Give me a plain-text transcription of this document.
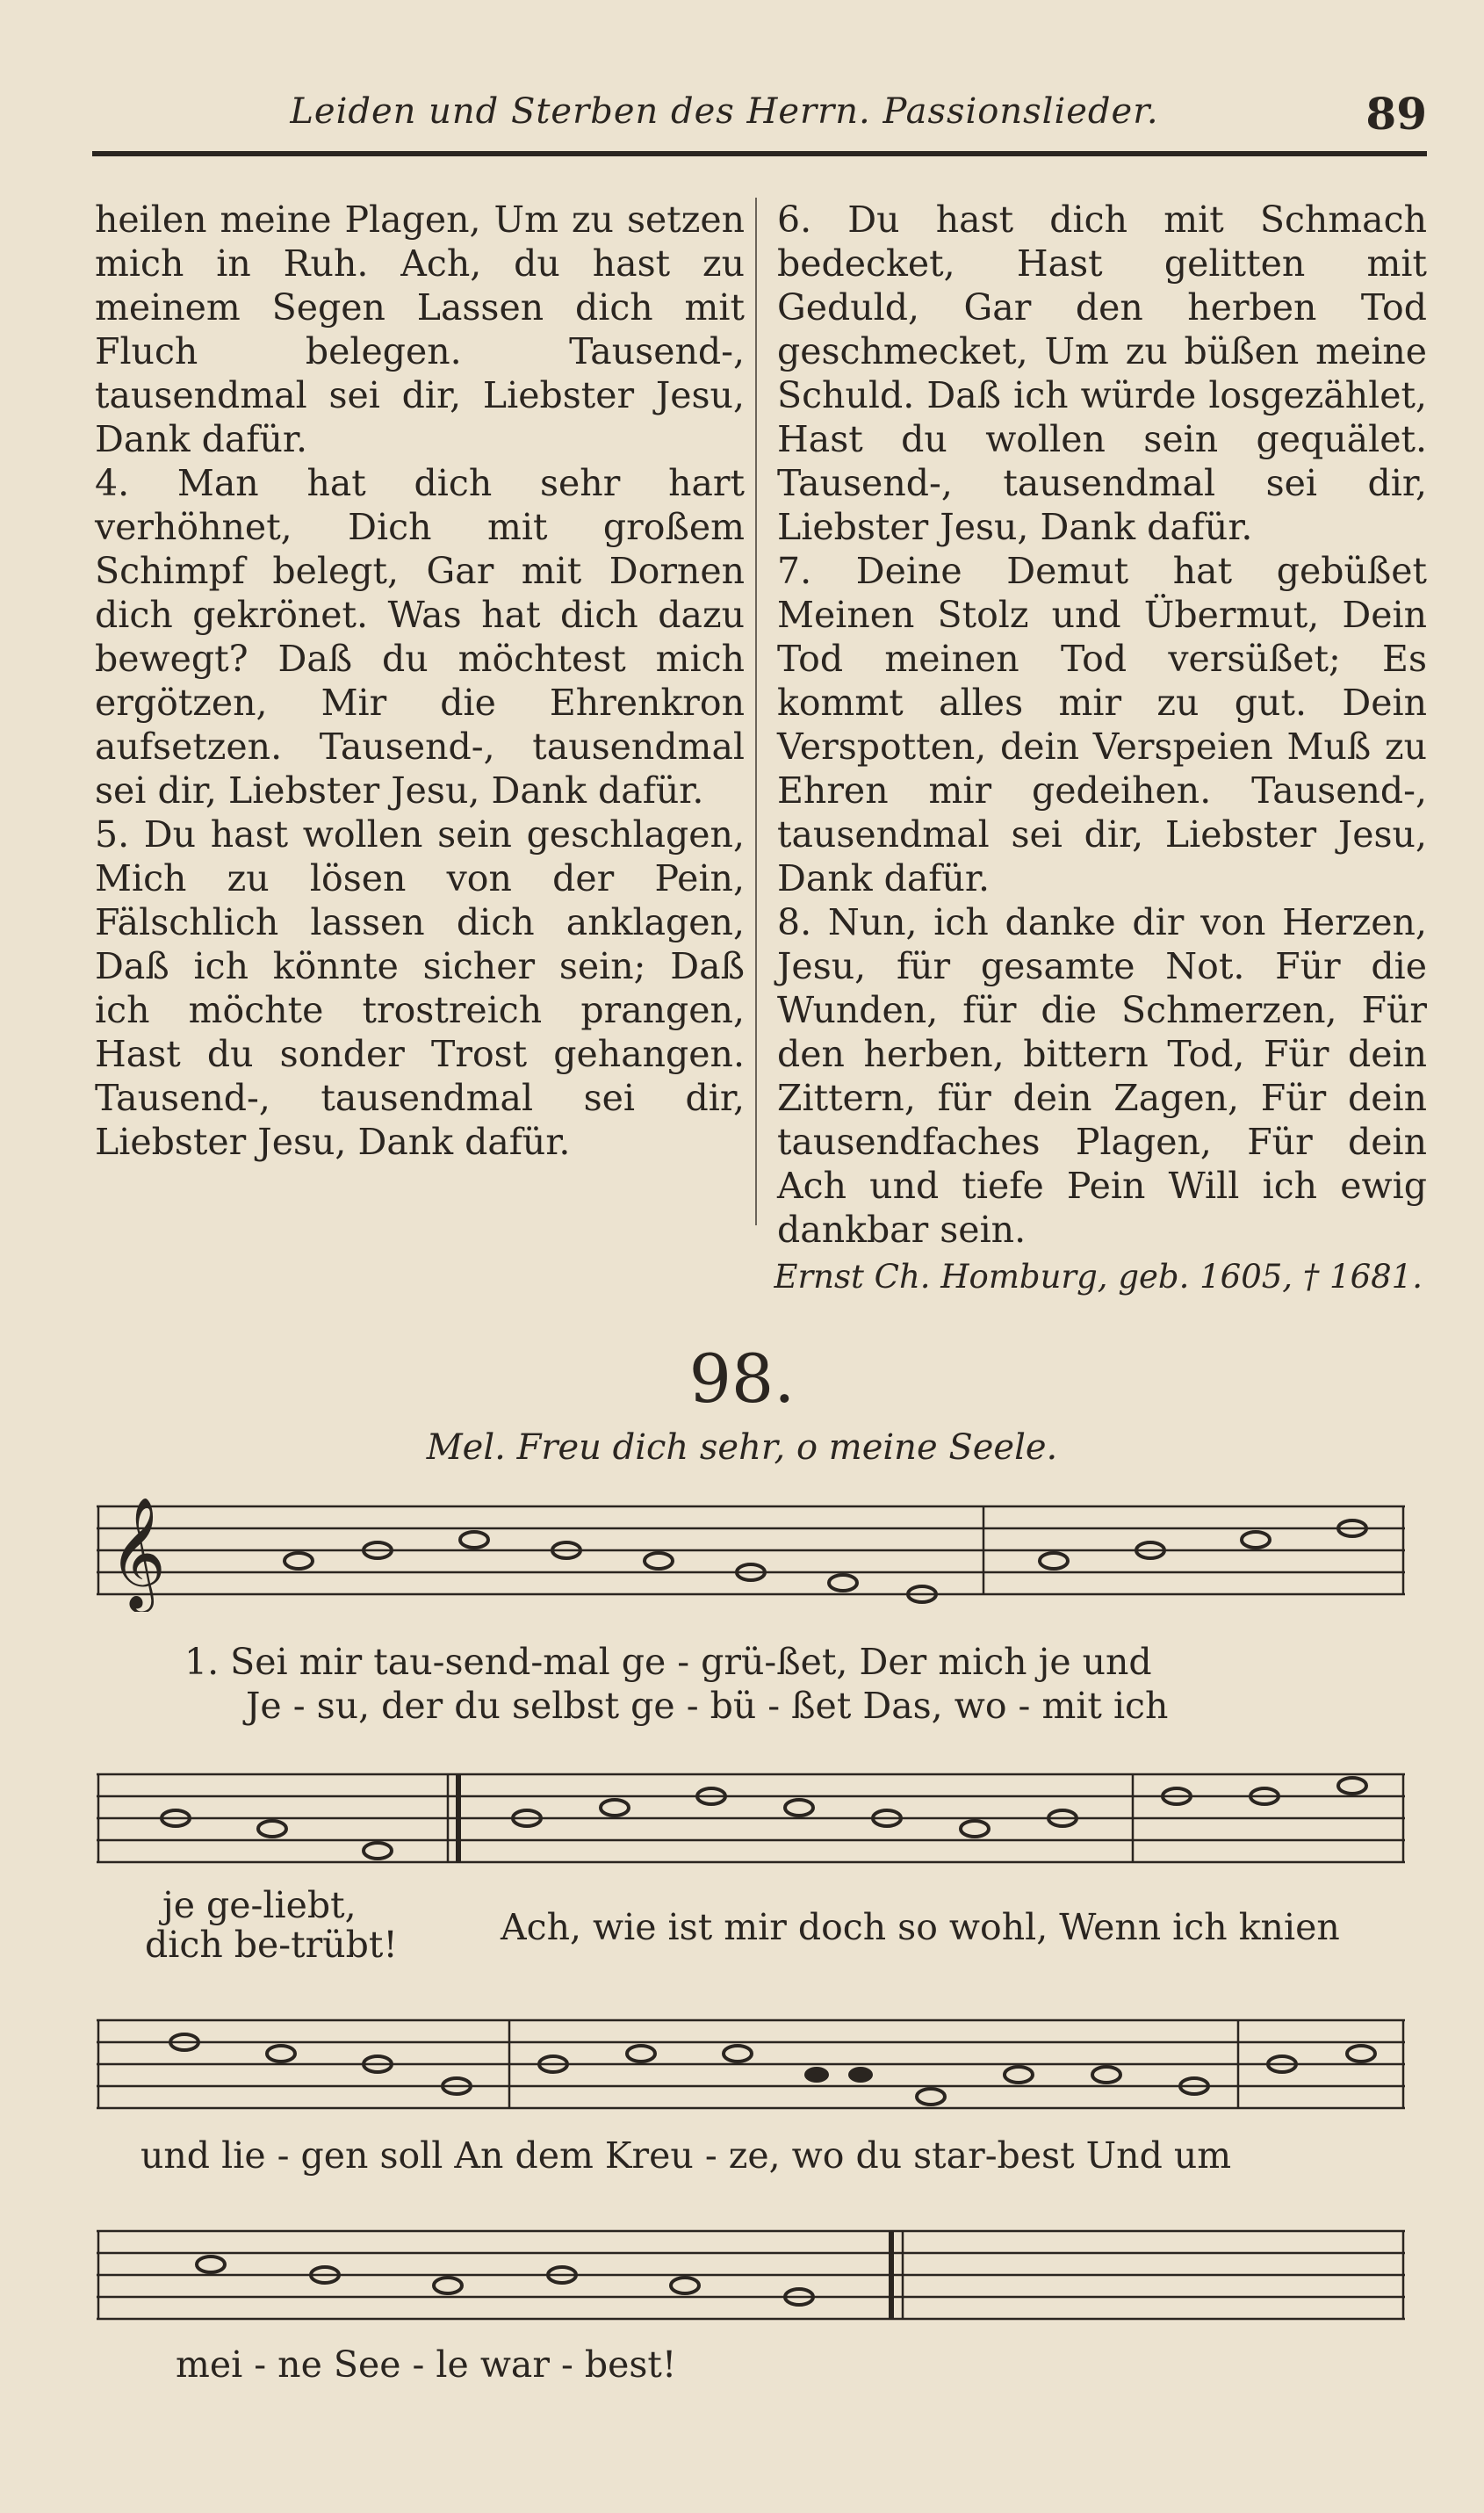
Leiden und Sterben des Herrn. Passionslieder.	89

heilen meine Plagen, Um zu setzen mich in Ruh. Ach, du hast zu meinem Segen Lassen dich mit Fluch belegen. Tausend-, tausendmal sei dir, Liebster Jesu, Dank dafür.

4. Man hat dich sehr hart verhöhnet, Dich mit großem Schimpf belegt, Gar mit Dornen dich gekrönet. Was hat dich dazu bewegt? Daß du möchtest mich ergötzen, Mir die Ehrenkron aufsetzen. Tausend-, tausendmal sei dir, Liebster Jesu, Dank dafür.

5. Du hast wollen sein geschlagen, Mich zu lösen von der Pein, Fälschlich lassen dich anklagen, Daß ich könnte sicher sein; Daß ich möchte trostreich prangen, Hast du sonder Trost gehangen. Tausend-, tausendmal sei dir, Liebster Jesu, Dank dafür.

6. Du hast dich mit Schmach bedecket, Hast gelitten mit Geduld, Gar den herben Tod geschmecket, Um zu büßen meine Schuld. Daß ich würde losgezählet, Hast du wollen sein gequälet. Tausend-, tausendmal sei dir, Liebster Jesu, Dank dafür.

7. Deine Demut hat gebüßet Meinen Stolz und Übermut, Dein Tod meinen Tod versüßet; Es kommt alles mir zu gut. Dein Verspotten, dein Verspeien Muß zu Ehren mir gedeihen. Tausend-, tausendmal sei dir, Liebster Jesu, Dank dafür.

8. Nun, ich danke dir von Herzen, Jesu, für gesamte Not. Für die Wunden, für die Schmerzen, Für den herben, bittern Tod, Für dein Zittern, für dein Zagen, Für dein tausendfaches Plagen, Für dein Ach und tiefe Pein Will ich ewig dankbar sein.

Ernst Ch. Homburg, geb. 1605, † 1681.
98.
Mel. Freu dich sehr, o meine Seele.
𝄞
1. Sei mir tau-send-mal ge - grü-ßet, Der mich je und
Je - su, der du selbst ge - bü - ßet Das, wo - mit ich
je ge-liebt,
dich be-trübt!	Ach, wie ist mir doch so wohl, Wenn ich knien
und lie - gen soll An dem Kreu - ze, wo du star-best Und um
mei - ne See - le war - best!
